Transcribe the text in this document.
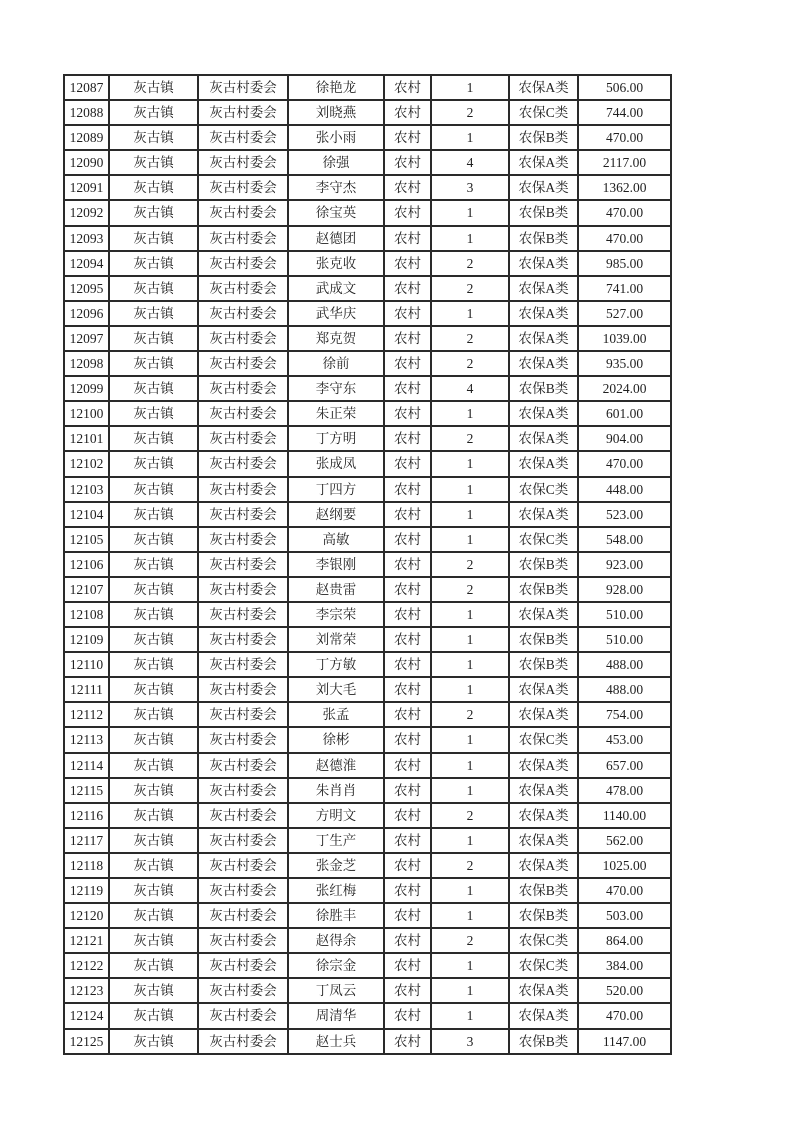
12087	灰古镇	灰古村委会	徐艳龙	农村	1	农保A类	506.00
12088	灰古镇	灰古村委会	刘晓燕	农村	2	农保C类	744.00
12089	灰古镇	灰古村委会	张小雨	农村	1	农保B类	470.00
12090	灰古镇	灰古村委会	徐强	农村	4	农保A类	2117.00
12091	灰古镇	灰古村委会	李守杰	农村	3	农保A类	1362.00
12092	灰古镇	灰古村委会	徐宝英	农村	1	农保B类	470.00
12093	灰古镇	灰古村委会	赵德团	农村	1	农保B类	470.00
12094	灰古镇	灰古村委会	张克收	农村	2	农保A类	985.00
12095	灰古镇	灰古村委会	武成文	农村	2	农保A类	741.00
12096	灰古镇	灰古村委会	武华庆	农村	1	农保A类	527.00
12097	灰古镇	灰古村委会	郑克贺	农村	2	农保A类	1039.00
12098	灰古镇	灰古村委会	徐前	农村	2	农保A类	935.00
12099	灰古镇	灰古村委会	李守东	农村	4	农保B类	2024.00
12100	灰古镇	灰古村委会	朱正荣	农村	1	农保A类	601.00
12101	灰古镇	灰古村委会	丁方明	农村	2	农保A类	904.00
12102	灰古镇	灰古村委会	张成凤	农村	1	农保A类	470.00
12103	灰古镇	灰古村委会	丁四方	农村	1	农保C类	448.00
12104	灰古镇	灰古村委会	赵纲要	农村	1	农保A类	523.00
12105	灰古镇	灰古村委会	高敏	农村	1	农保C类	548.00
12106	灰古镇	灰古村委会	李银刚	农村	2	农保B类	923.00
12107	灰古镇	灰古村委会	赵贵雷	农村	2	农保B类	928.00
12108	灰古镇	灰古村委会	李宗荣	农村	1	农保A类	510.00
12109	灰古镇	灰古村委会	刘常荣	农村	1	农保B类	510.00
12110	灰古镇	灰古村委会	丁方敏	农村	1	农保B类	488.00
12111	灰古镇	灰古村委会	刘大毛	农村	1	农保A类	488.00
12112	灰古镇	灰古村委会	张孟	农村	2	农保A类	754.00
12113	灰古镇	灰古村委会	徐彬	农村	1	农保C类	453.00
12114	灰古镇	灰古村委会	赵德淮	农村	1	农保A类	657.00
12115	灰古镇	灰古村委会	朱肖肖	农村	1	农保A类	478.00
12116	灰古镇	灰古村委会	方明文	农村	2	农保A类	1140.00
12117	灰古镇	灰古村委会	丁生产	农村	1	农保A类	562.00
12118	灰古镇	灰古村委会	张金芝	农村	2	农保A类	1025.00
12119	灰古镇	灰古村委会	张红梅	农村	1	农保B类	470.00
12120	灰古镇	灰古村委会	徐胜丰	农村	1	农保B类	503.00
12121	灰古镇	灰古村委会	赵得余	农村	2	农保C类	864.00
12122	灰古镇	灰古村委会	徐宗金	农村	1	农保C类	384.00
12123	灰古镇	灰古村委会	丁凤云	农村	1	农保A类	520.00
12124	灰古镇	灰古村委会	周清华	农村	1	农保A类	470.00
12125	灰古镇	灰古村委会	赵士兵	农村	3	农保B类	1147.00
